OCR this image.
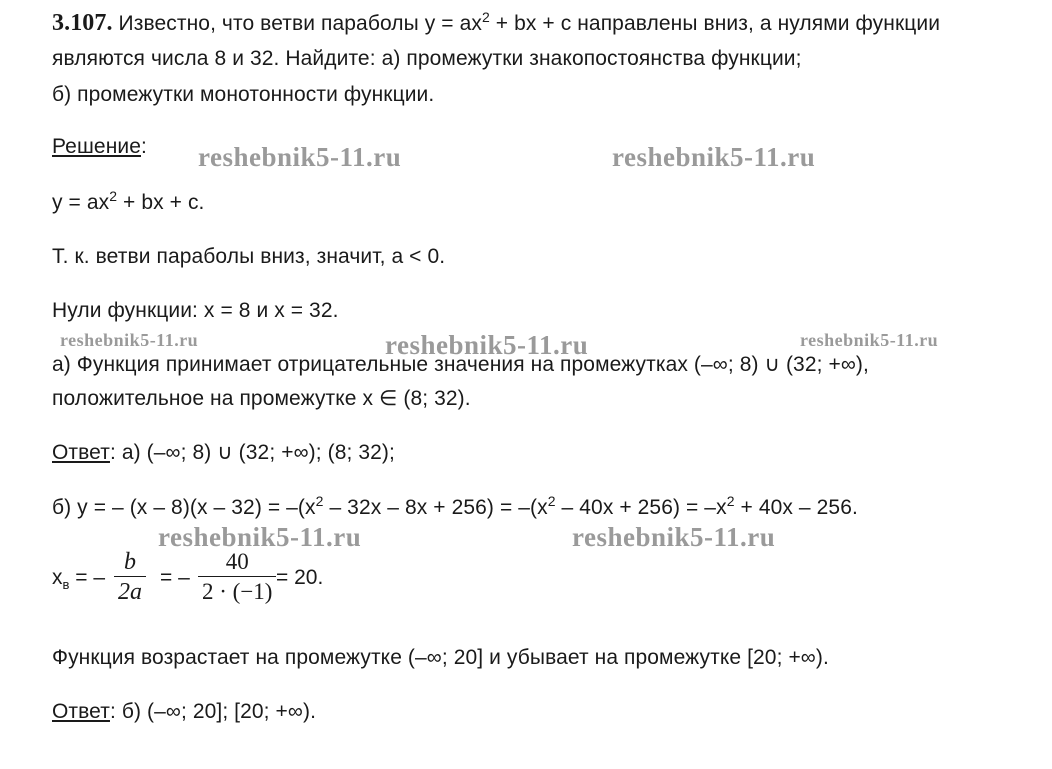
3.107. Известно, что ветви параболы $y = ax^2$ + bx + c направлены вниз, а нулями функции
являются числа 8 и 32. Найдите: а) промежутки знакопостоянства функции;
б) промежутки монотонности функции.
Решение:
$y = ax^2$ + bx + c.
Т. к. ветви параболы вниз, значит, a < 0.
Нули функции: x = 8 и x = 32.
а) Функция принимает отрицательные значения на промежутках (–∞; 8) ∪ (32; +∞),
положительное на промежутке x ∈ (8; 32).
Ответ: а) (–∞; 8) ∪ (32; +∞); (8; 32);
б) y = – $(x - 8)(x - 32) = -(x^2 - 32x - 8x + 256) = -(x^2 - 40x + 256) = -x^2 + 40x - 256$.
$x_в$ = –
b
2a
= –
40
2 · (−1)
= 20.
Функция возрастает на промежутке (–∞; 20] и убывает на промежутке [20; +∞).
Ответ: б) (–∞; 20]; [20; +∞).
reshebnik5-11.ru	reshebnik5-11.ru
reshebnik5-11.ru	reshebnik5-11.ru	reshebnik5-11.ru
reshebnik5-11.ru	reshebnik5-11.ru
